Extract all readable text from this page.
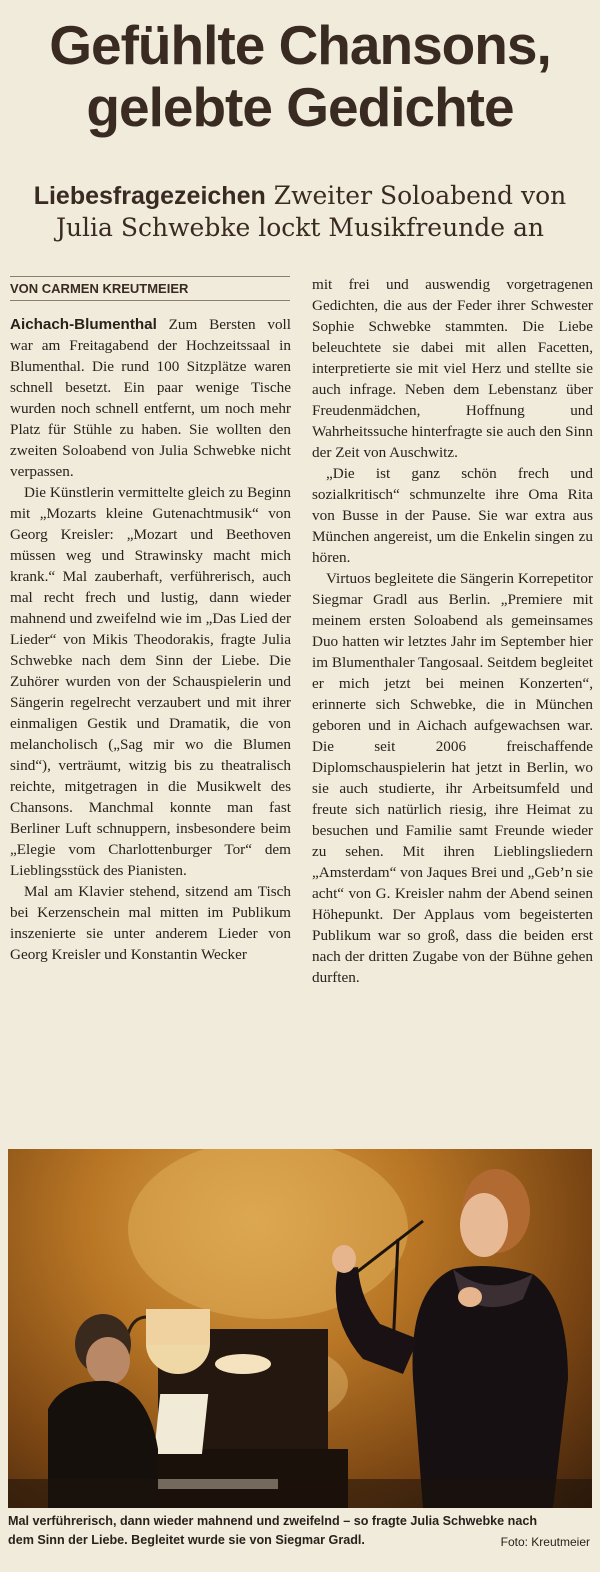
Gefühlte Chansons,
gelebte Gedichte
Liebesfragezeichen Zweiter Soloabend von
Julia Schwebke lockt Musikfreunde an
VON CARMEN KREUTMEIER

Aichach-Blumenthal Zum Bersten voll war am Freitagabend der Hochzeitssaal in Blumenthal. Die rund 100 Sitzplätze waren schnell besetzt. Ein paar wenige Tische wurden noch schnell entfernt, um noch mehr Platz für Stühle zu haben. Sie wollten den zweiten Soloabend von Julia Schwebke nicht verpassen.

Die Künstlerin vermittelte gleich zu Beginn mit „Mozarts kleine Gutenachtmusik“ von Georg Kreisler: „Mozart und Beethoven müssen weg und Strawinsky macht mich krank.“ Mal zauberhaft, verführerisch, auch mal recht frech und lustig, dann wieder mahnend und zweifelnd wie im „Das Lied der Lieder“ von Mikis Theodorakis, fragte Julia Schwebke nach dem Sinn der Liebe. Die Zuhörer wurden von der Schauspielerin und Sängerin regelrecht verzaubert und mit ihrer einmaligen Gestik und Dramatik, die von melancholisch („Sag mir wo die Blumen sind“), verträumt, witzig bis zu theatralisch reichte, mitgetragen in die Musikwelt des Chansons. Manchmal konnte man fast Berliner Luft schnuppern, insbesondere beim „Elegie vom Charlottenburger Tor“ dem Lieblingsstück des Pianisten.

Mal am Klavier stehend, sitzend am Tisch bei Kerzenschein mal mitten im Publikum inszenierte sie unter anderem Lieder von Georg Kreisler und Konstantin Wecker

mit frei und auswendig vorgetragenen Gedichten, die aus der Feder ihrer Schwester Sophie Schwebke stammten. Die Liebe beleuchtete sie dabei mit allen Facetten, interpretierte sie mit viel Herz und stellte sie auch infrage. Neben dem Lebenstanz über Freudenmädchen, Hoffnung und Wahrheitssuche hinterfragte sie auch den Sinn der Zeit von Auschwitz.

„Die ist ganz schön frech und sozialkritisch“ schmunzelte ihre Oma Rita von Busse in der Pause. Sie war extra aus München angereist, um die Enkelin singen zu hören.

Virtuos begleitete die Sängerin Korrepetitor Siegmar Gradl aus Berlin. „Premiere mit meinem ersten Soloabend als gemeinsames Duo hatten wir letztes Jahr im September hier im Blumenthaler Tangosaal. Seitdem begleitet er mich jetzt bei meinen Konzerten“, erinnerte sich Schwebke, die in München geboren und in Aichach aufgewachsen war. Die seit 2006 freischaffende Diplomschauspielerin hat jetzt in Berlin, wo sie auch studierte, ihr Arbeitsumfeld und freute sich natürlich riesig, ihre Heimat zu besuchen und Familie samt Freunde wieder zu sehen. Mit ihren Lieblingsliedern „Amsterdam“ von Jaques Brei und „Geb’n sie acht“ von G. Kreisler nahm der Abend seinen Höhepunkt. Der Applaus vom begeisterten Publikum war so groß, dass die beiden erst nach der dritten Zugabe von der Bühne gehen durften.

Mal verführerisch, dann wieder mahnend und zweifelnd – so fragte Julia Schwebke nach
dem Sinn der Liebe. Begleitet wurde sie von Siegmar Gradl.	Foto: Kreutmeier
